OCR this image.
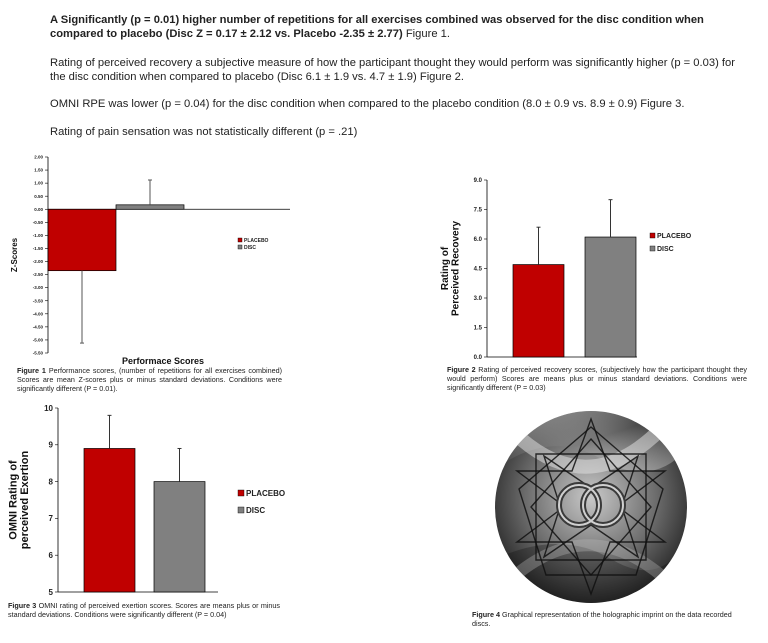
A Significantly (p = 0.01) higher number of repetitions for all exercises combined was observed for the disc condition when compared to placebo (Disc Z = 0.17 ± 2.12 vs. Placebo -2.35 ± 2.77) Figure 1.

Rating of perceived recovery a subjective measure of how the participant thought they would perform was significantly higher (p = 0.03) for the disc condition when compared to placebo (Disc 6.1 ± 1.9 vs. 4.7 ± 1.9) Figure 2.

OMNI RPE was lower (p = 0.04) for the disc condition when compared to the placebo condition (8.0 ± 0.9 vs. 8.9 ± 0.9) Figure 3.

Rating of pain sensation was not statistically different (p = .21)

2.00
1.50
1.00
0.50
0.00
-0.50
-1.00
-1.50
-2.00
-2.50
-3.00
-3.50
-4.00
-4.50
-5.00
-5.50
Z-Scores
Performace Scores
PLACEBO
DISC
Figure 1 Performance scores, (number of repetitions for all exercises combined) Scores are mean Z-scores plus or minus standard deviations. Conditions were significantly different (P = 0.01).
0.0
1.5
3.0
4.5
6.0
7.5
9.0
Rating ofPerceived Recovery	PLACEBO
DISC
Figure 2 Rating of perceived recovery scores, (subjectively how the participant thought they would perform) Scores are means plus or minus standard deviations. Conditions were significantly different (P = 0.03)
5
6
7
8
9
10
OMNI Rating ofperceived Exertion	PLACEBO
DISC
Figure 3 OMNI rating of perceived exertion scores. Scores are means plus or minus standard deviations. Conditions were significantly different (P = 0.04)	Figure 4 Graphical representation of the holographic imprint on the data recorded discs.
